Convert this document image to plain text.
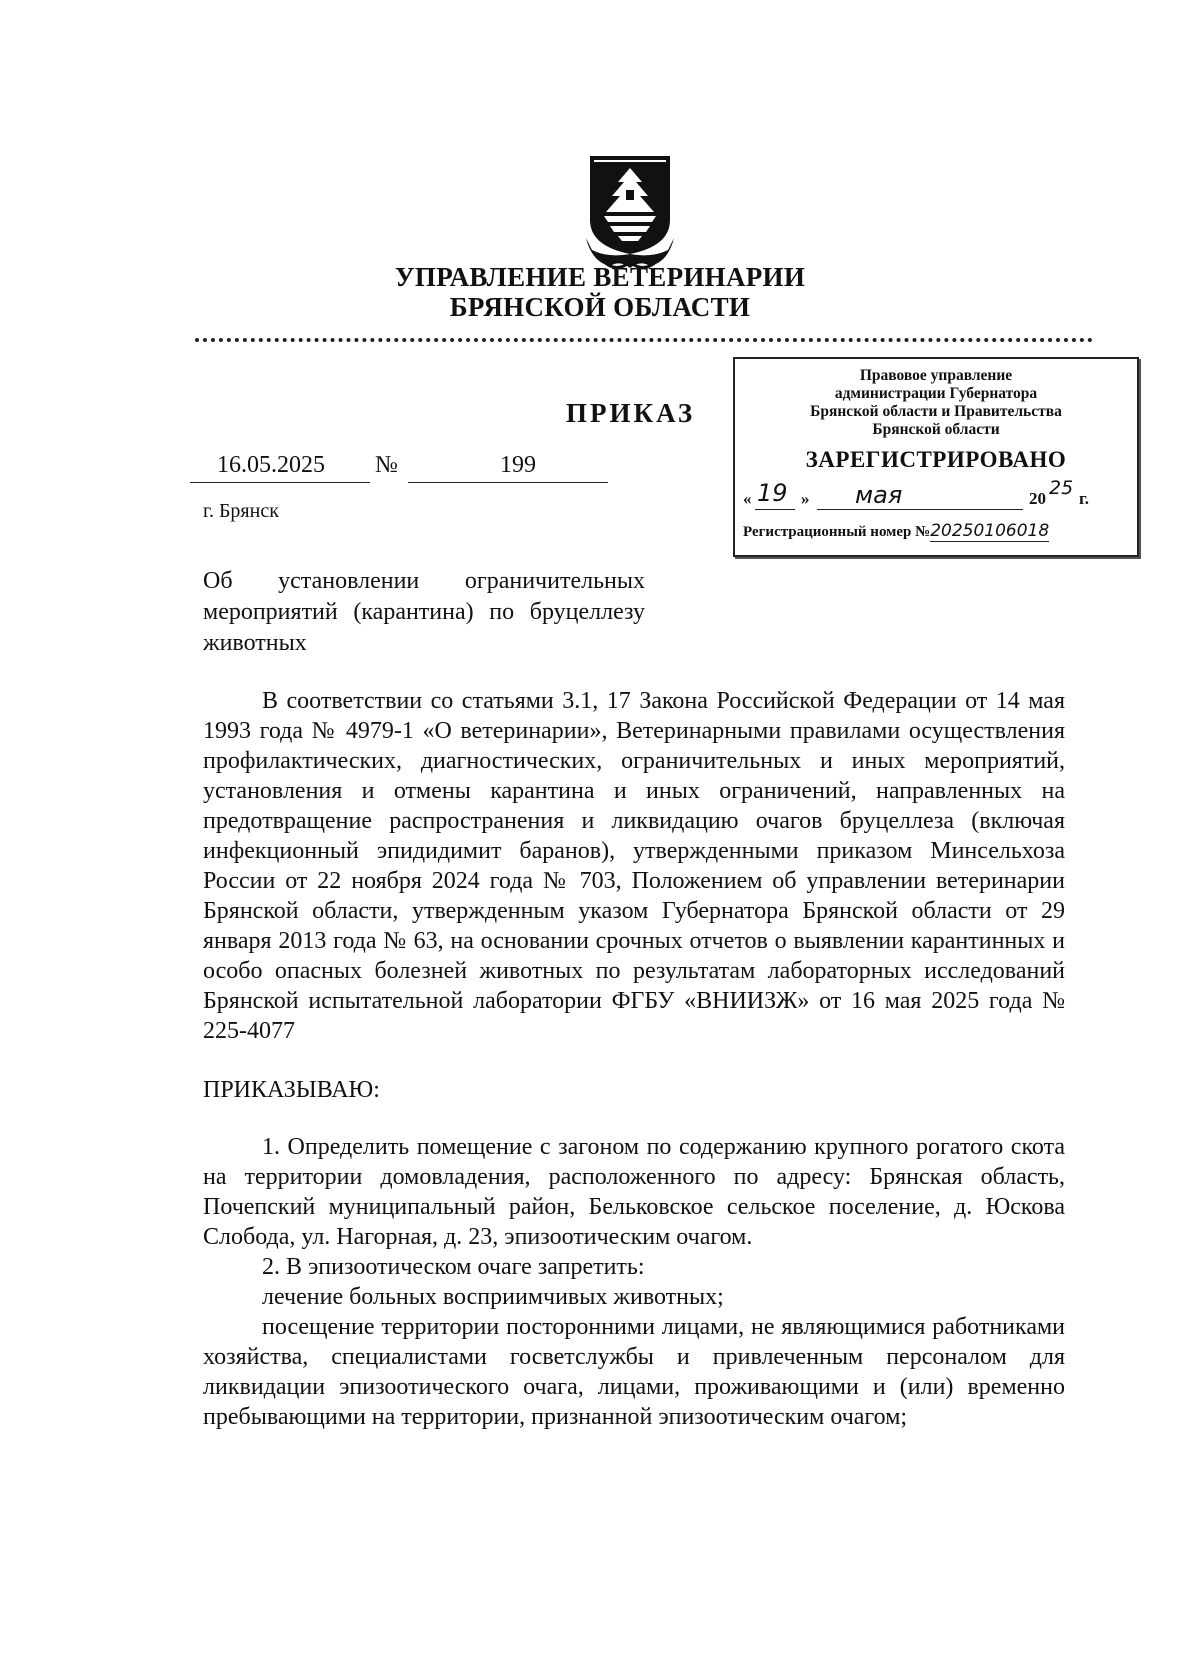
УПРАВЛЕНИЕ ВЕТЕРИНАРИИ
БРЯНСКОЙ ОБЛАСТИ
Правовое управление
администрации Губернатора
Брянской области и Правительства
Брянской области
ЗАРЕГИСТРИРОВАНО
« 19 » мая	20 25 г.
Регистрационный номер №20250106018
ПРИКАЗ
16.05.2025 №	199
г. Брянск
Об установлении ограничительных
мероприятий (карантина) по бруцеллезу
животных

В соответствии со статьями 3.1, 17 Закона Российской Федерации от 14 мая 1993 года № 4979-1 «О ветеринарии», Ветеринарными правилами осуществления профилактических, диагностических, ограничительных и иных мероприятий, установления и отмены карантина и иных ограничений, направленных на предотвращение распространения и ликвидацию очагов бруцеллеза (включая инфекционный эпидидимит баранов), утвержденными приказом Минсельхоза России от 22 ноября 2024 года № 703, Положением об управлении ветеринарии Брянской области, утвержденным указом Губернатора Брянской области от 29 января 2013 года № 63, на основании срочных отчетов о выявлении карантинных и особо опасных болезней животных по результатам лабораторных исследований Брянской испытательной лаборатории ФГБУ «ВНИИЗЖ» от 16 мая 2025 года № 225-4077

ПРИКАЗЫВАЮ:

1. Определить помещение с загоном по содержанию крупного рогатого скота на территории домовладения, расположенного по адресу: Брянская область, Почепский муниципальный район, Бельковское сельское поселение, д. Юскова Слобода, ул. Нагорная, д. 23, эпизоотическим очагом.

2. В эпизоотическом очаге запретить:

лечение больных восприимчивых животных;

посещение территории посторонними лицами, не являющимися работниками хозяйства, специалистами госветслужбы и привлеченным персоналом для ликвидации эпизоотического очага, лицами, проживающими и (или) временно пребывающими на территории, признанной эпизоотическим очагом;
